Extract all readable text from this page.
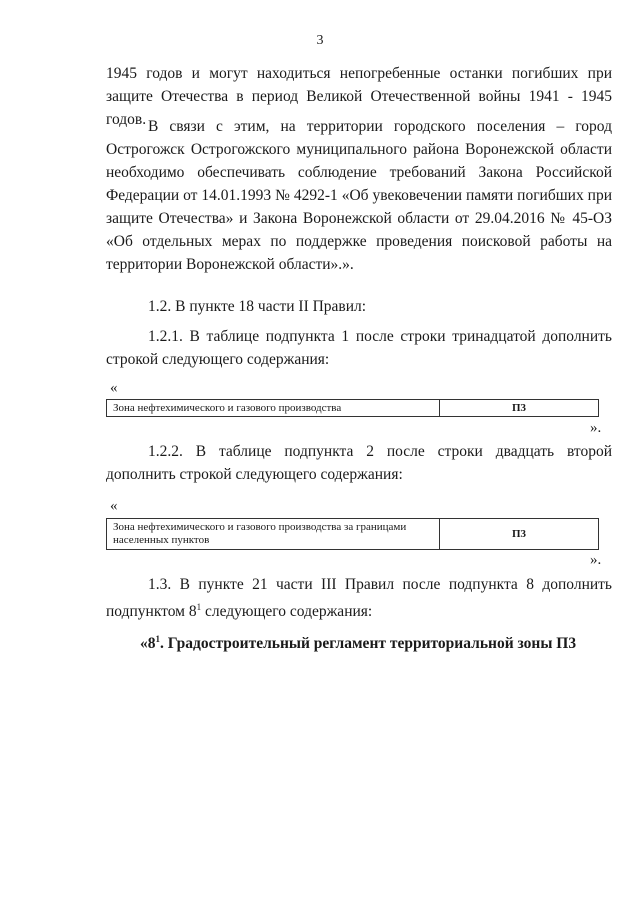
3

1945 годов и могут находиться непогребенные останки погибших при защите Отечества в период Великой Отечественной войны 1941 - 1945 годов. В связи с этим, на территории городского поселения – город Острогожск Острогожского муниципального района Воронежской области необходимо обеспечивать соблюдение требований Закона Российской Федерации от 14.01.1993 № 4292-1 «Об увековечении памяти погибших при защите Отечества» и Закона Воронежской области от 29.04.2016 № 45-ОЗ «Об отдельных мерах по поддержке проведения поисковой работы на территории Воронежской области».».

1.2. В пункте 18 части II Правил:

1.2.1. В таблице подпункта 1 после строки тринадцатой дополнить строкой следующего содержания:

«
Зона нефтехимического и газового производства	П3
».

1.2.2. В таблице подпункта 2 после строки двадцать второй дополнить строкой следующего содержания:

«
Зона нефтехимического и газового производства за границами населенных пунктов	П3
».

1.3. В пункте 21 части III Правил после подпункта 8 дополнить подпунктом $8^1$ следующего содержания:

«$8^1$. Градостроительный регламент территориальной зоны П3
